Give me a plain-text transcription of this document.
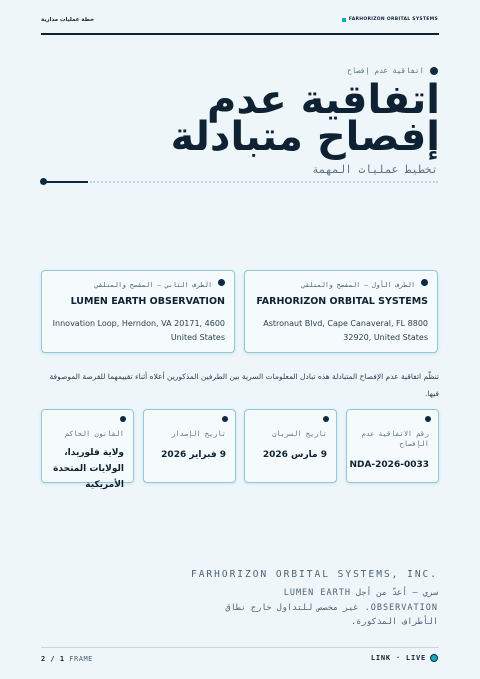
خطة عمليات مدارية	FARHORIZON ORBITAL SYSTEMS
اتفاقية عدم إفصاح
اتفاقية عدم
إفصاح متبادلة
تخطيط عمليات المهمة
الطرف الأول — المفصح والمتلقي
FARHORIZON ORBITAL SYSTEMS
Astronaut Blvd, Cape Canaveral, FL 8800 32920, United States
الطرف الثاني — المفصح والمتلقي
LUMEN EARTH OBSERVATION
Innovation Loop, Herndon, VA 20171, 4600 United States
تنظّم اتفاقية عدم الإفصاح المتبادلة هذه تبادل المعلومات السرية بين الطرفين المذكورين أعلاه أثناء تقييمهما للفرصة الموصوفة فيها.
رقم الاتفاقية عدم الإفصاح
NDA-2026-0033
تاريخ السريان
9 مارس 2026
تاريخ الإصدار
9 فبراير 2026
القانون الحاكم
ولاية فلوريدا، الولايات المتحدة الأمريكية
FARHORIZON ORBITAL SYSTEMS, INC.
سري — أعدّ من أجل LUMEN EARTH OBSERVATION. غير مخصص للتداول خارج نطاق الأطراف المذكورة.
2 / 1 FRAME	LINK · LIVE
